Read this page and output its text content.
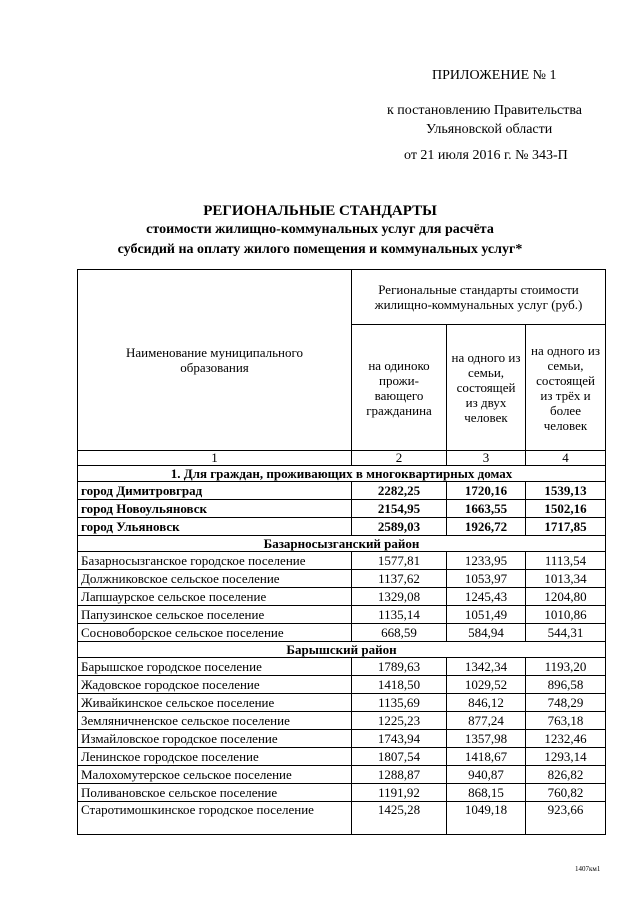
ПРИЛОЖЕНИЕ № 1
к постановлению Правительства
Ульяновской области
от 21 июля 2016 г. № 343-П
РЕГИОНАЛЬНЫЕ СТАНДАРТЫ
стоимости жилищно-коммунальных услуг для расчёта
субсидий на оплату жилого помещения и коммунальных услуг*
Наименование муниципального образования	Региональные стандарты стоимости жилищно-коммунальных услуг (руб.)		
	на одиноко прожи-вающего гражданина	на одного из семьи, состоящей из двух человек	на одного из семьи, состоящей из трёх и более человек
1	2	3	4
1. Для граждан, проживающих в многоквартирных домах			
город Димитровград	2282,25	1720,16	1539,13
город Новоульяновск	2154,95	1663,55	1502,16
город Ульяновск	2589,03	1926,72	1717,85
Базарносызганский район			
Базарносызганское городское поселение	1577,81	1233,95	1113,54
Должниковское сельское поселение	1137,62	1053,97	1013,34
Лапшаурское сельское поселение	1329,08	1245,43	1204,80
Папузинское сельское поселение	1135,14	1051,49	1010,86
Сосновоборское сельское поселение	668,59	584,94	544,31
Барышский район			
Барышское городское поселение	1789,63	1342,34	1193,20
Жадовское городское поселение	1418,50	1029,52	896,58
Живайкинское сельское поселение	1135,69	846,12	748,29
Земляничненское сельское поселение	1225,23	877,24	763,18
Измайловское городское поселение	1743,94	1357,98	1232,46
Ленинское городское поселение	1807,54	1418,67	1293,14
Малохомутерское сельское поселение	1288,87	940,87	826,82
Поливановское сельское поселение	1191,92	868,15	760,82
Старотимошкинское городское поселение	1425,28	1049,18	923,66
1407км1
